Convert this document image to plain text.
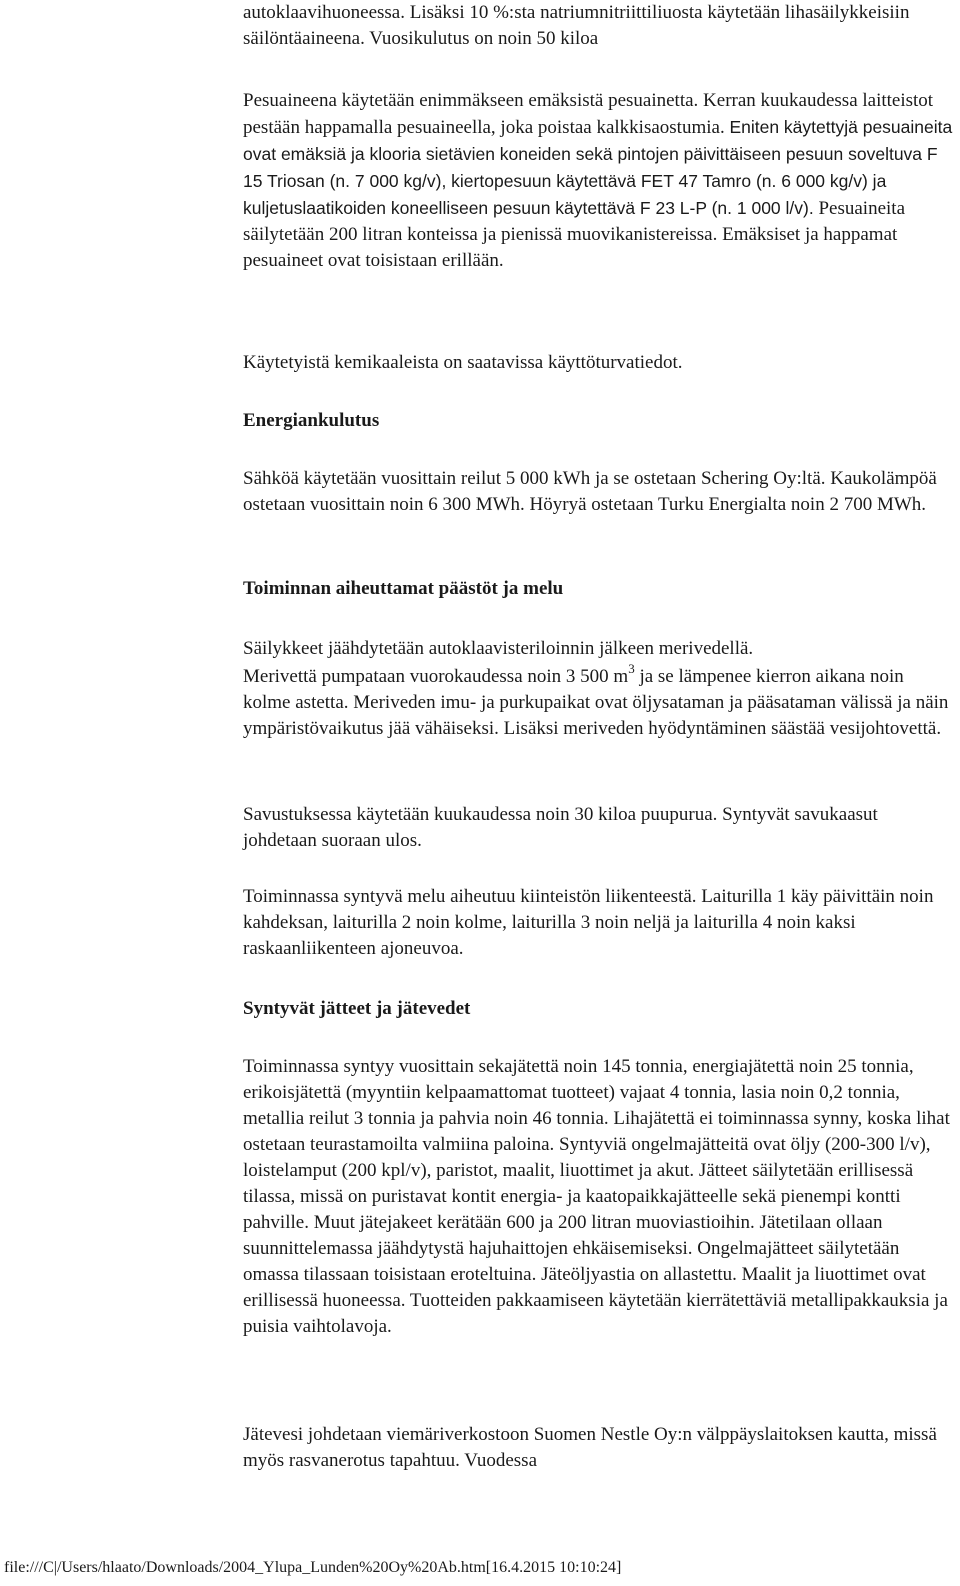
autoklaavihuoneessa. Lisäksi 10 %:sta natriumnitriittiliuosta käytetään lihasäilykkeisiin säilöntäaineena. Vuosikulutus on noin 50 kiloa

Pesuaineena käytetään enimmäkseen emäksistä pesuainetta. Kerran kuukaudessa laitteistot pestään happamalla pesuaineella, joka poistaa kalkkisaostumia. Eniten käytettyjä pesuaineita ovat emäksiä ja klooria sietävien koneiden sekä pintojen päivittäiseen pesuun soveltuva F 15 Triosan (n. 7 000 kg/v), kiertopesuun käytettävä FET 47 Tamro (n. 6 000 kg/v) ja kuljetuslaatikoiden koneelliseen pesuun käytettävä F 23 L-P (n. 1 000 l/v). Pesuaineita säilytetään 200 litran konteissa ja pienissä muovikanistereissa. Emäksiset ja happamat pesuaineet ovat toisistaan erillään.

Käytetyistä kemikaaleista on saatavissa käyttöturvatiedot.

Energiankulutus

Sähköä käytetään vuosittain reilut 5 000 kWh ja se ostetaan Schering Oy:ltä. Kaukolämpöä ostetaan vuosittain noin 6 300 MWh. Höyryä ostetaan Turku Energialta noin 2 700 MWh.

Toiminnan aiheuttamat päästöt ja melu

Säilykkeet jäähdytetään autoklaavisteriloinnin jälkeen merivedellä.

Merivettä pumpataan vuorokaudessa noin 3 500 $m^3$ ja se lämpenee kierron aikana noin kolme astetta. Meriveden imu- ja purkupaikat ovat öljysataman ja pääsataman välissä ja näin ympäristövaikutus jää vähäiseksi. Lisäksi meriveden hyödyntäminen säästää vesijohtovettä.

Savustuksessa käytetään kuukaudessa noin 30 kiloa puupurua. Syntyvät savukaasut johdetaan suoraan ulos.

Toiminnassa syntyvä melu aiheutuu kiinteistön liikenteestä. Laiturilla 1 käy päivittäin noin kahdeksan, laiturilla 2 noin kolme, laiturilla 3 noin neljä ja laiturilla 4 noin kaksi raskaanliikenteen ajoneuvoa.

Syntyvät jätteet ja jätevedet

Toiminnassa syntyy vuosittain sekajätettä noin 145 tonnia, energiajätettä noin 25 tonnia, erikoisjätettä (myyntiin kelpaamattomat tuotteet) vajaat 4 tonnia, lasia noin 0,2 tonnia, metallia reilut 3 tonnia ja pahvia noin 46 tonnia. Lihajätettä ei toiminnassa synny, koska lihat ostetaan teurastamoilta valmiina paloina. Syntyviä ongelmajätteitä ovat öljy (200-300 l/v), loistelamput (200 kpl/v), paristot, maalit, liuottimet ja akut. Jätteet säilytetään erillisessä tilassa, missä on puristavat kontit energia- ja kaatopaikkajätteelle sekä pienempi kontti pahville. Muut jätejakeet kerätään 600 ja 200 litran muoviastioihin. Jätetilaan ollaan suunnittelemassa jäähdytystä hajuhaittojen ehkäisemiseksi. Ongelmajätteet säilytetään omassa tilassaan toisistaan eroteltuina. Jäteöljyastia on allastettu. Maalit ja liuottimet ovat erillisessä huoneessa. Tuotteiden pakkaamiseen käytetään kierrätettäviä metallipakkauksia ja puisia vaihtolavoja.

Jätevesi johdetaan viemäriverkostoon Suomen Nestle Oy:n välppäyslaitoksen kautta, missä myös rasvanerotus tapahtuu. Vuodessa

file:///C|/Users/hlaato/Downloads/2004_Ylupa_Lunden%20Oy%20Ab.htm[16.4.2015 10:10:24]
